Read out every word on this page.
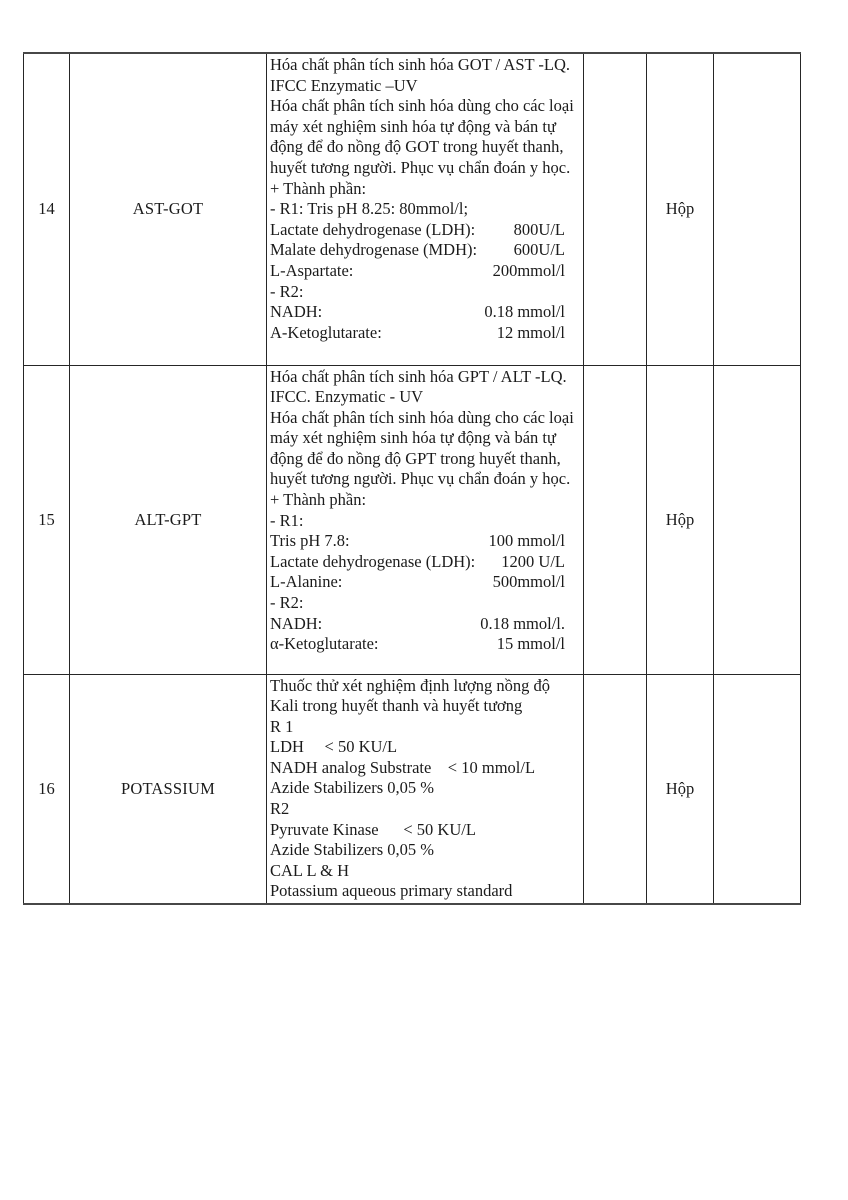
14	AST-GOT	
Hóa chất phân tích sinh hóa GOT / AST -LQ.
IFCC Enzymatic –UV
Hóa chất phân tích sinh hóa dùng cho các loại
máy xét nghiệm sinh hóa tự động và bán tự
động để đo nồng độ GOT trong huyết thanh,
huyết tương người. Phục vụ chẩn đoán y học.
+ Thành phần:
- R1: Tris pH 8.25: 80mmol/l;
Lactate dehydrogenase (LDH): 800U/L
Malate dehydrogenase (MDH): 600U/L
L-Aspartate:	200mmol/l
- R2:
NADH:	0.18 mmol/l
A-Ketoglutarate:	12 mmol/l
		Hộp	
15	ALT-GPT	
Hóa chất phân tích sinh hóa GPT / ALT -LQ.
IFCC. Enzymatic - UV
Hóa chất phân tích sinh hóa dùng cho các loại
máy xét nghiệm sinh hóa tự động và bán tự
động để đo nồng độ GPT trong huyết thanh,
huyết tương người. Phục vụ chẩn đoán y học.
+ Thành phần:
- R1:
Tris pH 7.8:	100 mmol/l
Lactate dehydrogenase (LDH): 1200 U/L
L-Alanine:	500mmol/l
- R2:
NADH:	0.18 mmol/l.
α-Ketoglutarate:	15 mmol/l
		Hộp	
16	POTASSIUM	
Thuốc thử xét nghiệm định lượng nồng độ
Kali trong huyết thanh và huyết tương
R 1
LDH     < 50 KU/L
NADH analog Substrate    < 10 mmol/L
Azide Stabilizers 0,05 %
R2
Pyruvate Kinase      < 50 KU/L
Azide Stabilizers 0,05 %
CAL L & H
Potassium aqueous primary standard
		Hộp	
